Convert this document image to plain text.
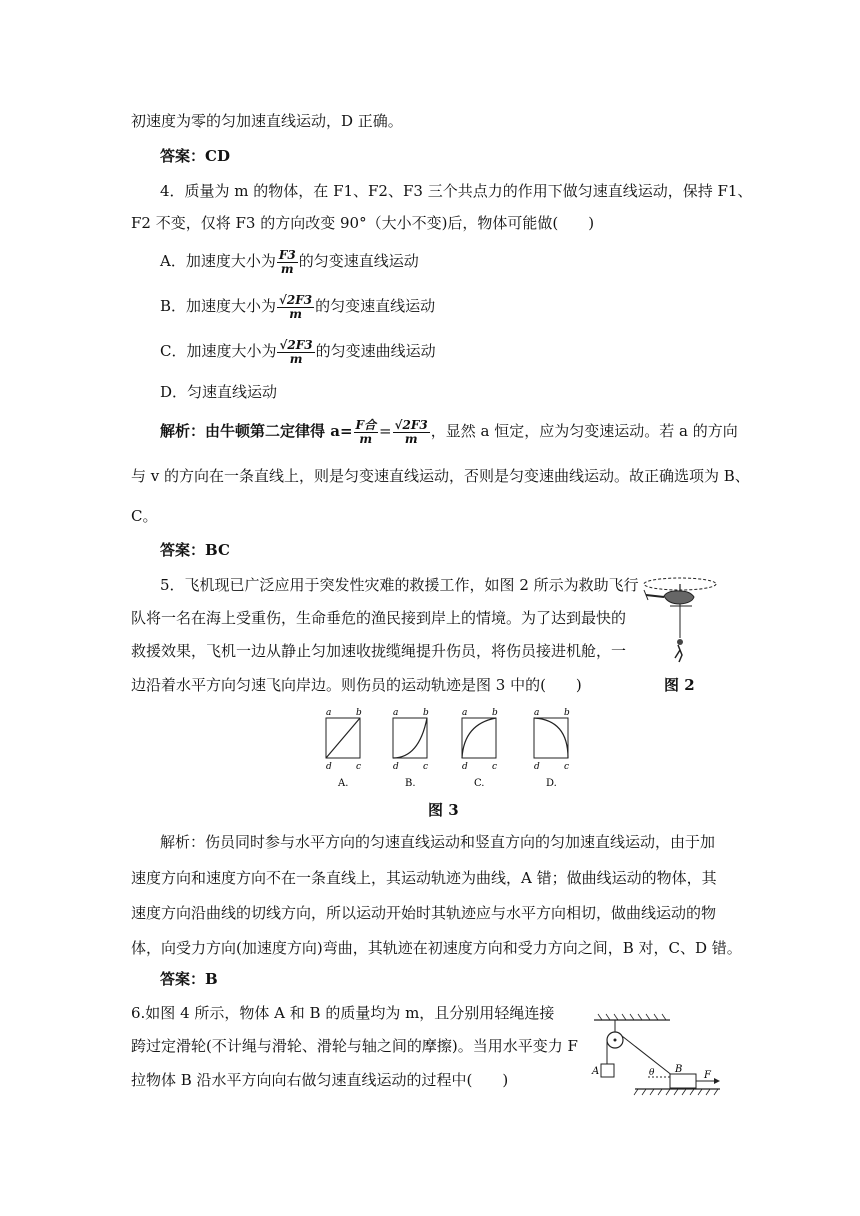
初速度为零的匀加速直线运动，D 正确。
答案：CD
4．质量为 m 的物体，在 F1、F2、F3 三个共点力的作用下做匀速直线运动，保持 F1、
F2 不变，仅将 F3 的方向改变 90°（大小不变)后，物体可能做(　　)
A．加速度大小为 $\frac{F3}{m}$ 的匀变速直线运动
B．加速度大小为 $\frac{√2F3}{m}$ 的匀变速直线运动
C．加速度大小为 $\frac{√2F3}{m}$ 的匀变速曲线运动
D．匀速直线运动
解析：由牛顿第二定律得 $a= \frac{\text{F合}}{m} = \frac{√2F3}{m}$ ，显然 a 恒定，应为匀变速运动。若 a 的方向
与 v 的方向在一条直线上，则是匀变速直线运动，否则是匀变速曲线运动。故正确选项为 B、
C。
答案：BC
5．飞机现已广泛应用于突发性灾难的救援工作，如图 2 所示为救助飞行
队将一名在海上受重伤，生命垂危的渔民接到岸上的情境。为了达到最快的
救援效果，飞机一边从静止匀加速收拢缆绳提升伤员，将伤员接进机舱，一
边沿着水平方向匀速飞向岸边。则伤员的运动轨迹是图 3 中的(　　)	图 2
a	b
d	c
A.
a	b
d	c
B.
a	b
d	c
C.
a	b
d	c
D.
图 3
解析：伤员同时参与水平方向的匀速直线运动和竖直方向的匀加速直线运动，由于加
速度方向和速度方向不在一条直线上，其运动轨迹为曲线，A 错；做曲线运动的物体，其
速度方向沿曲线的切线方向，所以运动开始时其轨迹应与水平方向相切，做曲线运动的物
体，向受力方向(加速度方向)弯曲，其轨迹在初速度方向和受力方向之间，B 对，C、D 错。
答案：B
6.如图 4 所示，物体 A 和 B 的质量均为 m，且分别用轻绳连接
跨过定滑轮(不计绳与滑轮、滑轮与轴之间的摩擦)。当用水平变力 F
拉物体 B 沿水平方向向右做匀速直线运动的过程中(　　)	A	θ B
F
